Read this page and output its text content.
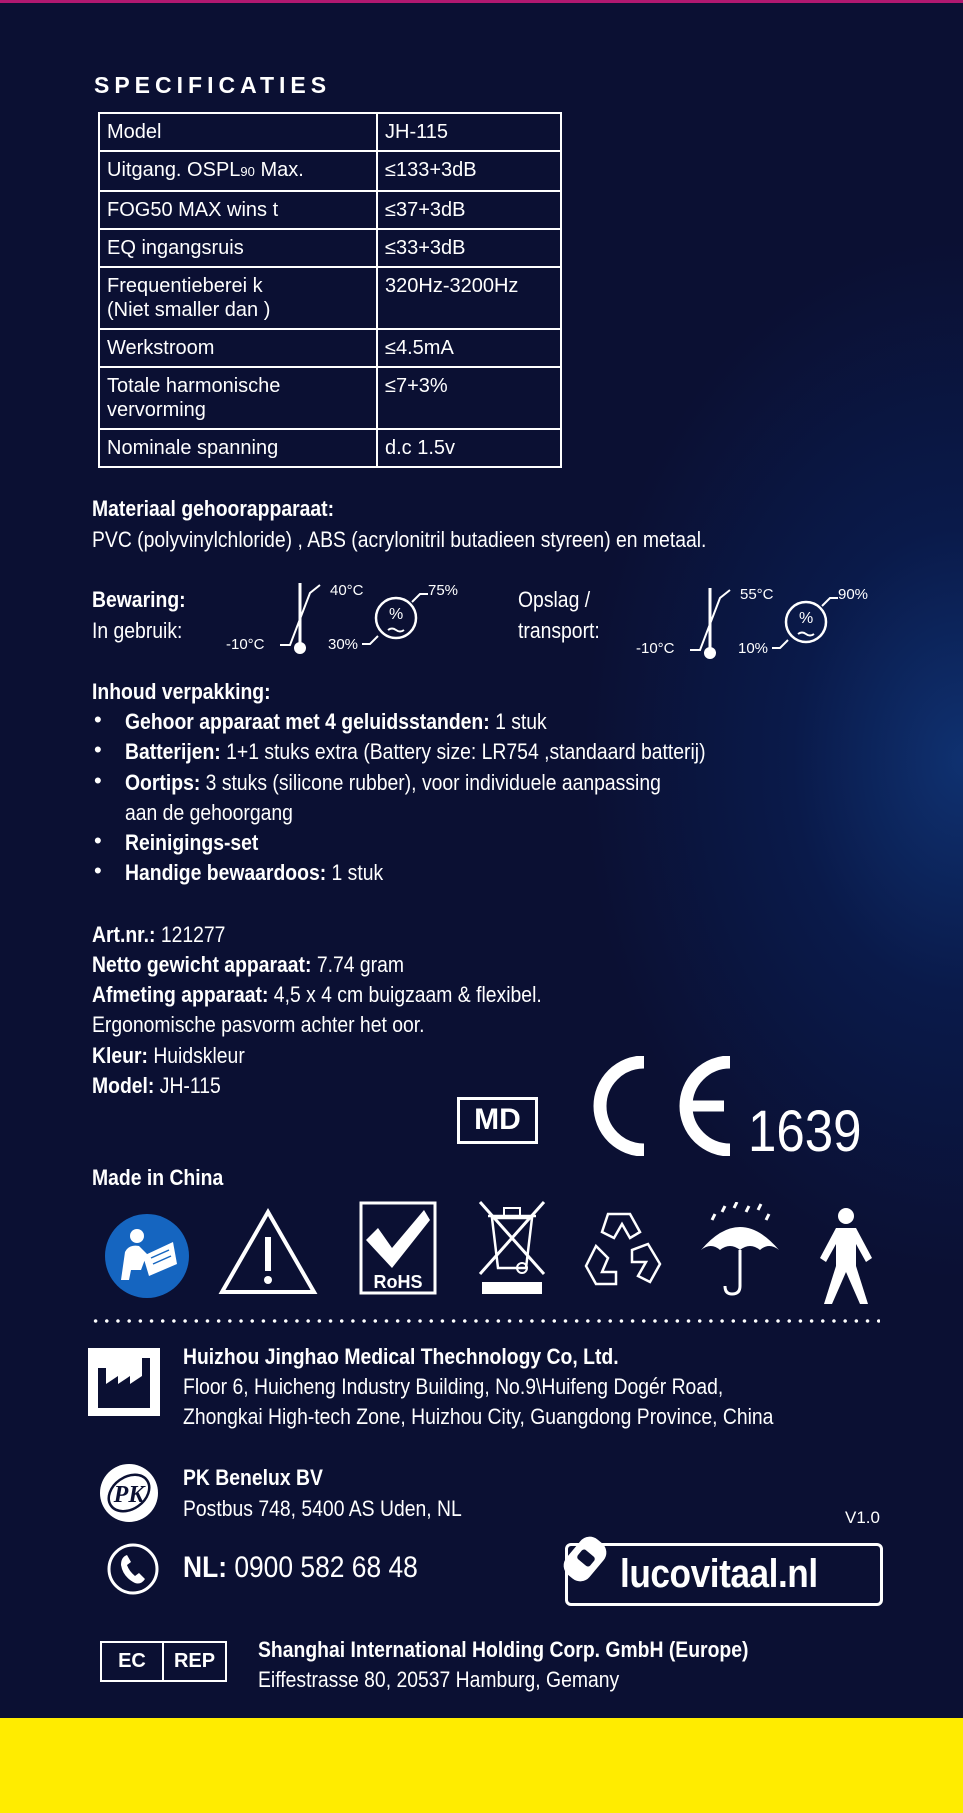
SPECIFICATIES
Model	JH-115
Uitgang. OSPL90 Max.	≤133+3dB
FOG50 MAX wins t	≤37+3dB
EQ ingangsruis	≤33+3dB

Frequentieberei k
(Niet smaller dan )	320Hz-3200Hz
Werkstroom	≤4.5mA

Totale harmonische
vervorming	≤7+3%
Nominale spanning	d.c 1.5v
Materiaal gehoorapparaat:
PVC (polyvinylchloride) , ABS (acrylonitril butadieen styreen) en metaal.
Bewaring:
In gebruik:
40°C
-10°C
%
75%
30%
Opslag /
transport:
55°C
-10°C
%
90%
10%
Inhoud verpakking:
Gehoor apparaat met 4 geluidsstanden: 1 stuk
Batterijen: 1+1 stuks extra (Battery size: LR754 ,standaard batterij)
Oortips: 3 stuks (silicone rubber), voor individuele aanpassing
aan de gehoorgang
Reinigings-set
Handige bewaardoos: 1 stuk
Art.nr.: 121277
Netto gewicht apparaat: 7.74 gram
Afmeting apparaat: 4,5 x 4 cm buigzaam & flexibel.
Ergonomische pasvorm achter het oor.
Kleur: Huidskleur
Model: JH-115
MD	1639
Made in China
RoHS
Huizhou Jinghao Medical Thechnology Co, Ltd.
Floor 6, Huicheng Industry Building, No.9\Huifeng Dogér Road,
Zhongkai High-tech Zone, Huizhou City, Guangdong Province, China
PK
PK Benelux BV
Postbus 748, 5400 AS Uden, NL	V1.0
NL: 0900 582 68 48	lucovitaal.nl
EC	REP	Shanghai International Holding Corp. GmbH (Europe)
Eiffestrasse 80, 20537 Hamburg, Gemany
